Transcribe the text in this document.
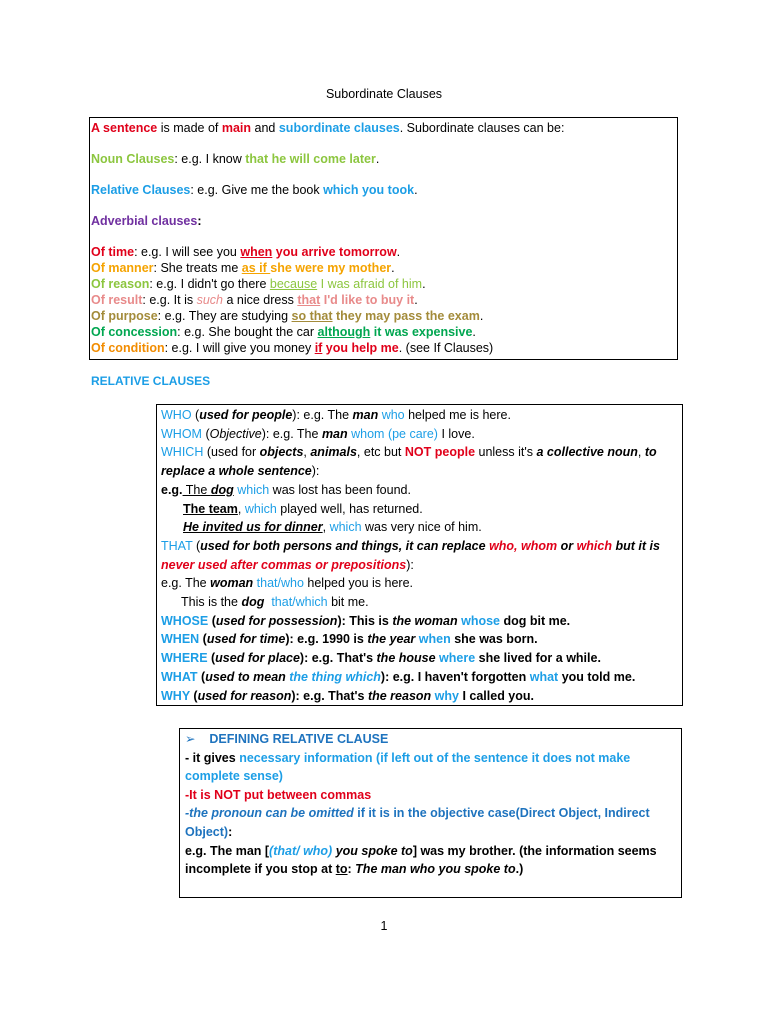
Subordinate Clauses
A sentence is made of main and subordinate clauses. Subordinate clauses can be:
Noun Clauses: e.g. I know that he will come later.
Relative Clauses: e.g. Give me the book which you took.
Adverbial clauses:
Of time: e.g. I will see you when you arrive tomorrow.
Of manner: She treats me as if she were my mother.
Of reason: e.g. I didn't go there because I was afraid of him.
Of result: e.g. It is such a nice dress that I'd like to buy it.
Of purpose: e.g. They are studying so that they may pass the exam.
Of concession: e.g. She bought the car although it was expensive.
Of condition: e.g. I will give you money if you help me. (see If Clauses)
RELATIVE CLAUSES
WHO (used for people): e.g. The man who helped me is here.
WHOM (Objective): e.g. The man whom (pe care) I love.
WHICH (used for objects, animals, etc but NOT people unless it's a collective noun, to replace a whole sentence):
e.g. The dog which was lost has been found.
The team, which played well, has returned.
He invited us for dinner, which was very nice of him.
THAT (used for both persons and things, it can replace who, whom or which but it is never used after commas or prepositions):
e.g. The woman that/who helped you is here.
This is the dog that/which bit me.
WHOSE (used for possession): This is the woman whose dog bit me.
WHEN (used for time): e.g. 1990 is the year when she was born.
WHERE (used for place): e.g. That's the house where she lived for a while.
WHAT (used to mean the thing which): e.g. I haven't forgotten what you told me.
WHY (used for reason): e.g. That's the reason why I called you.
➢ DEFINING RELATIVE CLAUSE
- it gives necessary information (if left out of the sentence it does not make complete sense)
-It is NOT put between commas
-the pronoun can be omitted if it is in the objective case(Direct Object, Indirect Object):
e.g. The man [(that/ who) you spoke to] was my brother. (the information seems incomplete if you stop at to: The man who you spoke to.)
1
